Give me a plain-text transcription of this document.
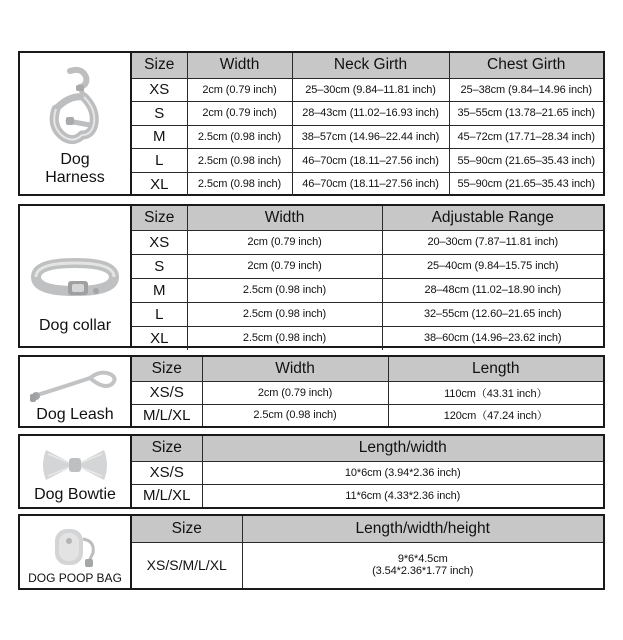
Dog
Harness
Size	Width	Neck Girth	Chest Girth
XS	2cm (0.79 inch)	25–30cm (9.84–11.81 inch)	25–38cm (9.84–14.96 inch)
S	2cm (0.79 inch)	28–43cm (11.02–16.93 inch)	35–55cm (13.78–21.65 inch)
M	2.5cm (0.98 inch)	38–57cm (14.96–22.44 inch)	45–72cm (17.71–28.34 inch)
L	2.5cm (0.98 inch)	46–70cm (18.11–27.56 inch)	55–90cm (21.65–35.43 inch)
XL	2.5cm (0.98 inch)	46–70cm (18.11–27.56 inch)	55–90cm (21.65–35.43 inch)
Dog collar
Size	Width	Adjustable Range
XS	2cm (0.79 inch)	20–30cm (7.87–11.81 inch)
S	2cm (0.79 inch)	25–40cm (9.84–15.75 inch)
M	2.5cm (0.98 inch)	28–48cm (11.02–18.90 inch)
L	2.5cm (0.98 inch)	32–55cm (12.60–21.65 inch)
XL	2.5cm (0.98 inch)	38–60cm (14.96–23.62 inch)
Dog Leash
Size	Width	Length
XS/S	2cm (0.79 inch)	110cm（43.31 inch）
M/L/XL	2.5cm (0.98 inch)	120cm（47.24 inch）
Dog Bowtie
Size	Length/width
XS/S	10*6cm (3.94*2.36 inch)
M/L/XL	11*6cm (4.33*2.36 inch)
DOG POOP BAG
Size	Length/width/height
XS/S/M/L/XL	9*6*4.5cm
(3.54*2.36*1.77 inch)
